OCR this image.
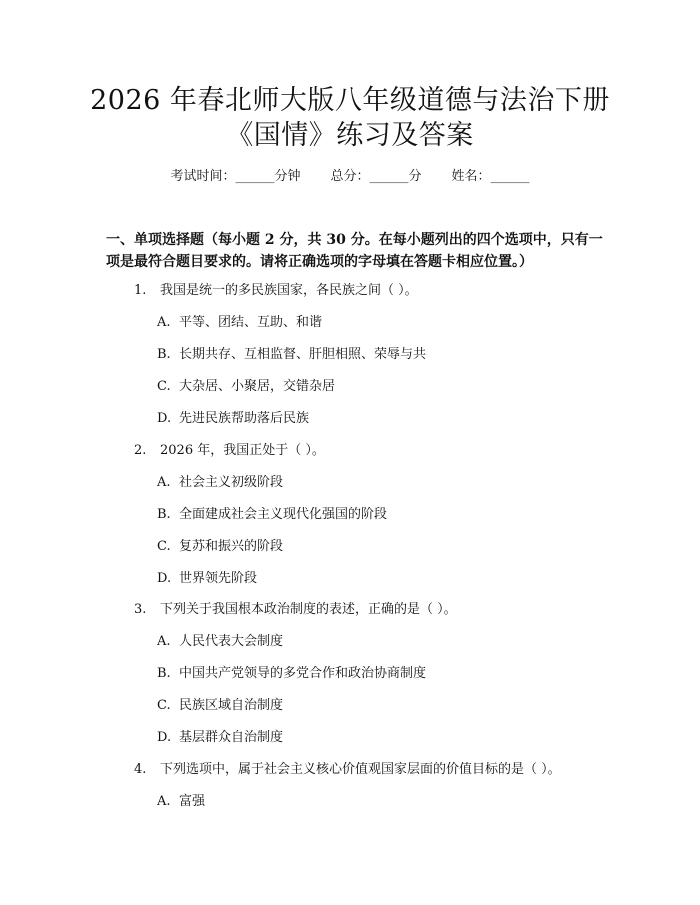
2026 年春北师大版八年级道德与法治下册
《国情》练习及答案
考试时间：______分钟 总分：______分 姓名：______
一、单项选择题（每小题 2 分，共 30 分。在每小题列出的四个选项中，只有一项是最符合题目要求的。请将正确选项的字母填在答题卡相应位置。）
1. 我国是统一的多民族国家，各民族之间（ ）。
A. 平等、团结、互助、和谐
B. 长期共存、互相监督、肝胆相照、荣辱与共
C. 大杂居、小聚居，交错杂居
D. 先进民族帮助落后民族
2. 2026 年，我国正处于（ ）。
A. 社会主义初级阶段
B. 全面建成社会主义现代化强国的阶段
C. 复苏和振兴的阶段
D. 世界领先阶段
3. 下列关于我国根本政治制度的表述，正确的是（ ）。
A. 人民代表大会制度
B. 中国共产党领导的多党合作和政治协商制度
C. 民族区域自治制度
D. 基层群众自治制度
4. 下列选项中，属于社会主义核心价值观国家层面的价值目标的是（ ）。
A. 富强
